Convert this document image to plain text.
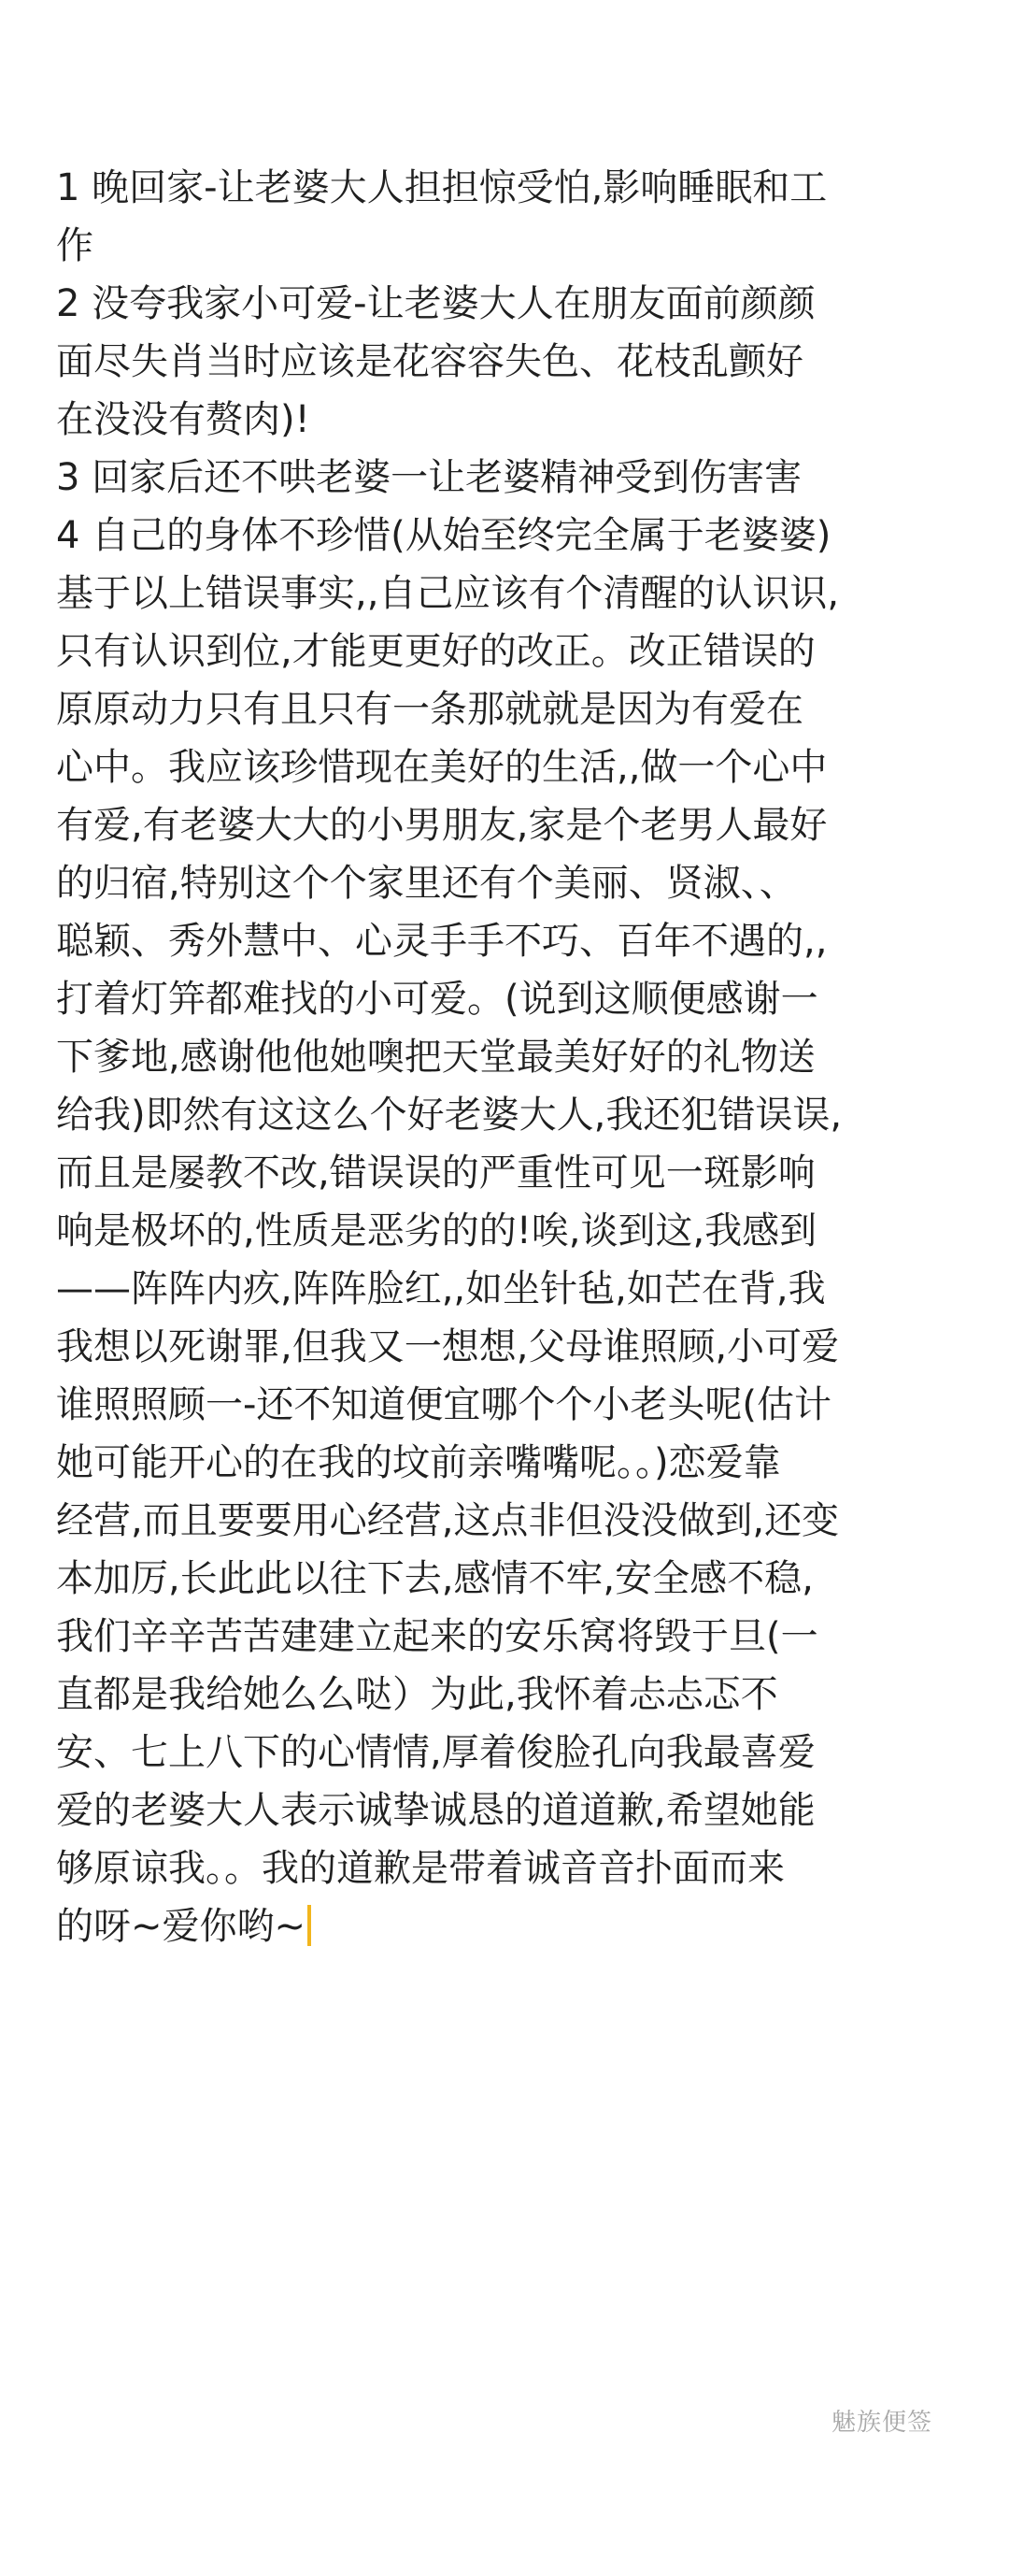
1 晚回家-让老婆大人担担惊受怕,影响睡眠和工
作
2 没夸我家小可爱-让老婆大人在朋友面前颜颜
面尽失肖当时应该是花容容失色、花枝乱颤好
在没没有赘肉)!
3 回家后还不哄老婆一让老婆精神受到伤害害
4 自己的身体不珍惜(从始至终完全属于老婆婆)
基于以上错误事实,,自己应该有个清醒的认识识,
只有认识到位,才能更更好的改正。改正错误的
原原动力只有且只有一条那就就是因为有爱在
心中。我应该珍惜现在美好的生活,,做一个心中
有爱,有老婆大大的小男朋友,家是个老男人最好
的归宿,特别这个个家里还有个美丽、贤淑、、
聪颖、秀外慧中、心灵手手不巧、百年不遇的,,
打着灯笄都难找的小可爱。(说到这顺便感谢一
下爹地,感谢他他她噢把天堂最美好好的礼物送
给我)即然有这这么个好老婆大人,我还犯错误误,
而且是屡教不改,错误误的严重性可见一斑影响
响是极坏的,性质是恶劣的的!唉,谈到这,我感到
——阵阵内疚,阵阵脸红,,如坐针毡,如芒在背,我
我想以死谢罪,但我又一想想,父母谁照顾,小可爱
谁照照顾一-还不知道便宜哪个个小老头呢(估计
她可能开心的在我的坟前亲嘴嘴呢。。)恋爱靠
经营,而且要要用心经营,这点非但没没做到,还变
本加厉,长此此以往下去,感情不牢,安全感不稳,
我们辛辛苦苦建建立起来的安乐窝将毁于旦(一
直都是我给她么么哒）为此,我怀着忐忐忑不
安、七上八下的心情情,厚着俊脸孔向我最喜爱
爱的老婆大人表示诚挚诚恳的道道歉,希望她能
够原谅我。。我的道歉是带着诚音音扑面而来
的呀~爱你哟~
魅族便签
